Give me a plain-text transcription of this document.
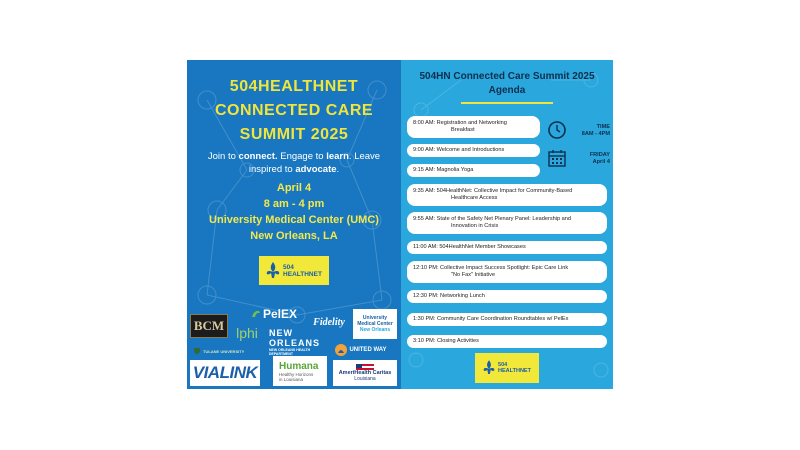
504HEALTHNET
CONNECTED CARE
SUMMIT 2025
Join to connect. Engage to learn. Leave
inspired to advocate.
April 4
8 am - 4 pm
University Medical Center (UMC)
New Orleans, LA
504
HEALTHNET
BCM lphi
PelEX
Fidelity	University
Medical Center
New Orleans
NEW ORLEANS
NEW ORLEANS HEALTH DEPARTMENT
TULANE UNIVERSITY	UNITED WAY
VIALINK Humana
Healthy Horizons
in Louisiana
AmeriHealth Caritas
Louisiana
504HN Connected Care Summit 2025
Agenda
8:00 AM: Registration and Networking
Breakfast
9:00 AM: Welcome and Introductions
9:15 AM: Magnolia Yoga
9:35 AM: 504HealthNet: Collective Impact for Community-Based
Healthcare Access
9:55 AM: State of the Safety Net Plenary Panel: Leadership and
Innovation in Crisis
11:00 AM: 504HealthNet Member Showcases
12:10 PM: Collective Impact Success Spotlight: Epic Care Link
"No Fax" Initiative
12:30 PM: Networking Lunch
1:30 PM: Community Care Coordination Roundtables w/ PelEx
3:10 PM: Closing Activities
TIME
8AM - 4PM
FRIDAY
April 4
504
HEALTHNET
